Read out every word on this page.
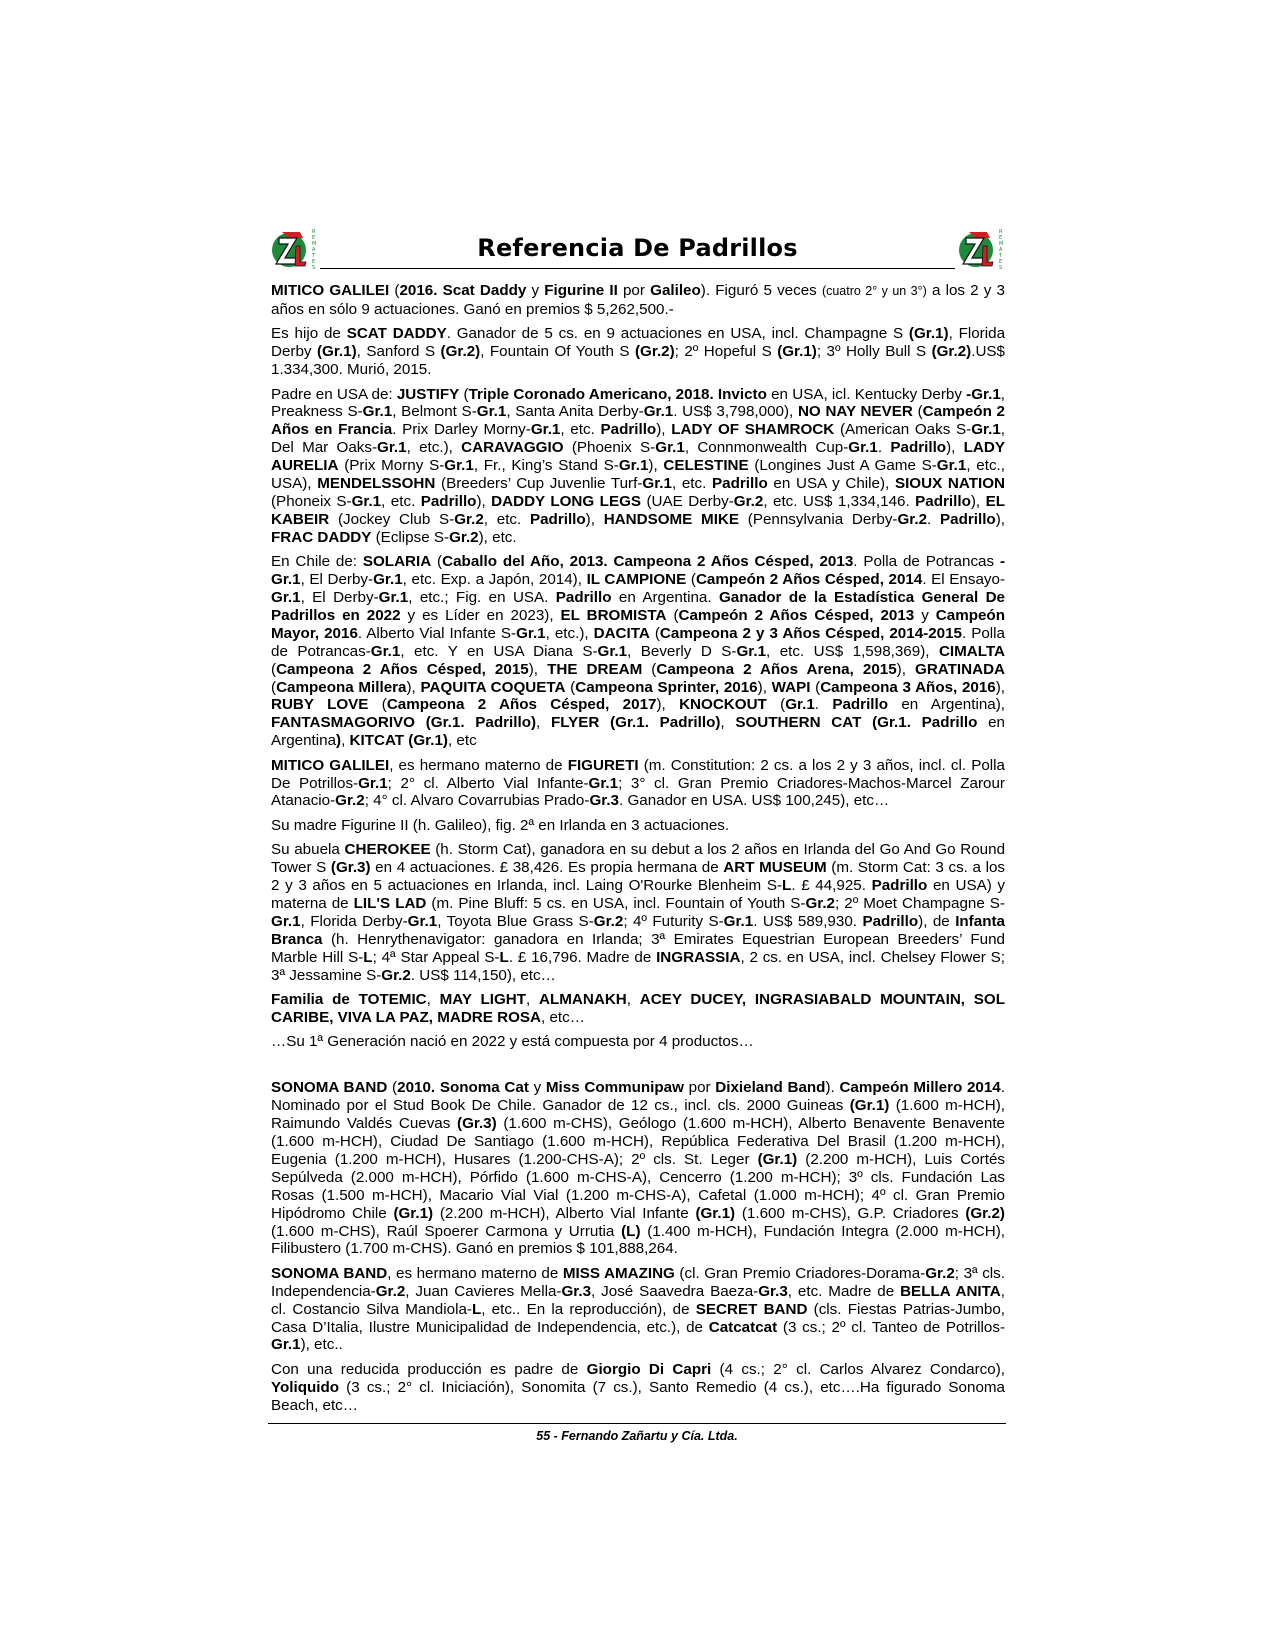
R
E
M
A
T
E
S
Referencia De Padrillos
R
E
M
A
T
E
S

MITICO GALILEI (2016. Scat Daddy y Figurine II por Galileo). Figuró 5 veces (cuatro 2° y un 3°) a los 2 y 3 años en sólo 9 actuaciones. Ganó en premios $ 5,262,500.-

Es hijo de SCAT DADDY. Ganador de 5 cs. en 9 actuaciones en USA, incl. Champagne S (Gr.1), Florida Derby (Gr.1), Sanford S (Gr.2), Fountain Of Youth S (Gr.2); 2º Hopeful S (Gr.1); 3º Holly Bull S (Gr.2).US$ 1.334,300. Murió, 2015.

Padre en USA de: JUSTIFY (Triple Coronado Americano, 2018. Invicto en USA, icl. Kentucky Derby -Gr.1, Preakness S-Gr.1, Belmont S-Gr.1, Santa Anita Derby-Gr.1. US$ 3,798,000), NO NAY NEVER (Campeón 2 Años en Francia. Prix Darley Morny-Gr.1, etc. Padrillo), LADY OF SHAMROCK (American Oaks S-Gr.1, Del Mar Oaks-Gr.1, etc.), CARAVAGGIO (Phoenix S-Gr.1, Connmonwealth Cup-Gr.1. Padrillo), LADY AURELIA (Prix Morny S-Gr.1, Fr., King’s Stand S-Gr.1), CELESTINE (Longines Just A Game S-Gr.1, etc., USA), MENDELSSOHN (Breeders’ Cup Juvenlie Turf-Gr.1, etc. Padrillo en USA y Chile), SIOUX NATION (Phoneix S-Gr.1, etc. Padrillo), DADDY LONG LEGS (UAE Derby-Gr.2, etc. US$ 1,334,146. Padrillo), EL KABEIR (Jockey Club S-Gr.2, etc. Padrillo), HANDSOME MIKE (Pennsylvania Derby-Gr.2. Padrillo), FRAC DADDY (Eclipse S-Gr.2), etc.

En Chile de: SOLARIA (Caballo del Año, 2013. Campeona 2 Años Césped, 2013. Polla de Potrancas -Gr.1, El Derby-Gr.1, etc. Exp. a Japón, 2014), IL CAMPIONE (Campeón 2 Años Césped, 2014. El Ensayo-Gr.1, El Derby-Gr.1, etc.; Fig. en USA. Padrillo en Argentina. Ganador de la Estadística General De Padrillos en 2022 y es Líder en 2023), EL BROMISTA (Campeón 2 Años Césped, 2013 y Campeón Mayor, 2016. Alberto Vial Infante S-Gr.1, etc.), DACITA (Campeona 2 y 3 Años Césped, 2014-2015. Polla de Potrancas-Gr.1, etc. Y en USA Diana S-Gr.1, Beverly D S-Gr.1, etc. US$ 1,598,369), CIMALTA (Campeona 2 Años Césped, 2015), THE DREAM (Campeona 2 Años Arena, 2015), GRATINADA (Campeona Millera), PAQUITA COQUETA (Campeona Sprinter, 2016), WAPI (Campeona 3 Años, 2016), RUBY LOVE (Campeona 2 Años Césped, 2017), KNOCKOUT (Gr.1. Padrillo en Argentina), FANTASMAGORIVO (Gr.1. Padrillo), FLYER (Gr.1. Padrillo), SOUTHERN CAT (Gr.1. Padrillo en Argentina), KITCAT (Gr.1), etc

MITICO GALILEI, es hermano materno de FIGURETI (m. Constitution: 2 cs. a los 2 y 3 años, incl. cl. Polla De Potrillos-Gr.1; 2° cl. Alberto Vial Infante-Gr.1; 3° cl. Gran Premio Criadores-Machos-Marcel Zarour Atanacio-Gr.2; 4° cl. Alvaro Covarrubias Prado-Gr.3. Ganador en USA. US$ 100,245), etc…

Su madre Figurine II (h. Galileo), fig. 2ª en Irlanda en 3 actuaciones.

Su abuela CHEROKEE (h. Storm Cat), ganadora en su debut a los 2 años en Irlanda del Go And Go Round Tower S (Gr.3) en 4 actuaciones. £ 38,426. Es propia hermana de ART MUSEUM (m. Storm Cat: 3 cs. a los 2 y 3 años en 5 actuaciones en Irlanda, incl. Laing O'Rourke Blenheim S-L. £ 44,925. Padrillo en USA) y materna de LIL'S LAD (m. Pine Bluff: 5 cs. en USA, incl. Fountain of Youth S-Gr.2; 2º Moet Champagne S-Gr.1, Florida Derby-Gr.1, Toyota Blue Grass S-Gr.2; 4º Futurity S-Gr.1. US$ 589,930. Padrillo), de Infanta Branca (h. Henrythenavigator: ganadora en Irlanda; 3ª Emirates Equestrian European Breeders’ Fund Marble Hill S-L; 4ª Star Appeal S-L. £ 16,796. Madre de INGRASSIA, 2 cs. en USA, incl. Chelsey Flower S; 3ª Jessamine S-Gr.2. US$ 114,150), etc…

Familia de TOTEMIC, MAY LIGHT, ALMANAKH, ACEY DUCEY, INGRASIABALD MOUNTAIN, SOL CARIBE, VIVA LA PAZ, MADRE ROSA, etc…

…Su 1ª Generación nació en 2022 y está compuesta por 4 productos…

SONOMA BAND (2010. Sonoma Cat y Miss Communipaw por Dixieland Band). Campeón Millero 2014. Nominado por el Stud Book De Chile. Ganador de 12 cs., incl. cls. 2000 Guineas (Gr.1) (1.600 m-HCH), Raimundo Valdés Cuevas (Gr.3) (1.600 m-CHS), Geólogo (1.600 m-HCH), Alberto Benavente Benavente (1.600 m-HCH), Ciudad De Santiago (1.600 m-HCH), República Federativa Del Brasil (1.200 m-HCH), Eugenia (1.200 m-HCH), Husares (1.200-CHS-A); 2º cls. St. Leger (Gr.1) (2.200 m-HCH), Luis Cortés Sepúlveda (2.000 m-HCH), Pórfido (1.600 m-CHS-A), Cencerro (1.200 m-HCH); 3º cls. Fundación Las Rosas (1.500 m-HCH), Macario Vial Vial (1.200 m-CHS-A), Cafetal (1.000 m-HCH); 4º cl. Gran Premio Hipódromo Chile (Gr.1) (2.200 m-HCH), Alberto Vial Infante (Gr.1) (1.600 m-CHS), G.P. Criadores (Gr.2) (1.600 m-CHS), Raúl Spoerer Carmona y Urrutia (L) (1.400 m-HCH), Fundación Integra (2.000 m-HCH), Filibustero (1.700 m-CHS). Ganó en premios $ 101,888,264.

SONOMA BAND, es hermano materno de MISS AMAZING (cl. Gran Premio Criadores-Dorama-Gr.2; 3ª cls. Independencia-Gr.2, Juan Cavieres Mella-Gr.3, José Saavedra Baeza-Gr.3, etc. Madre de BELLA ANITA, cl. Costancio Silva Mandiola-L, etc.. En la reproducción), de SECRET BAND (cls. Fiestas Patrias-Jumbo, Casa D’Italia, Ilustre Municipalidad de Independencia, etc.), de Catcatcat (3 cs.; 2º cl. Tanteo de Potrillos-Gr.1), etc..

Con una reducida producción es padre de Giorgio Di Capri (4 cs.; 2° cl. Carlos Alvarez Condarco), Yoliquido (3 cs.; 2° cl. Iniciación), Sonomita (7 cs.), Santo Remedio (4 cs.), etc….Ha figurado Sonoma Beach, etc…

55 - Fernando Zañartu y Cía. Ltda.
